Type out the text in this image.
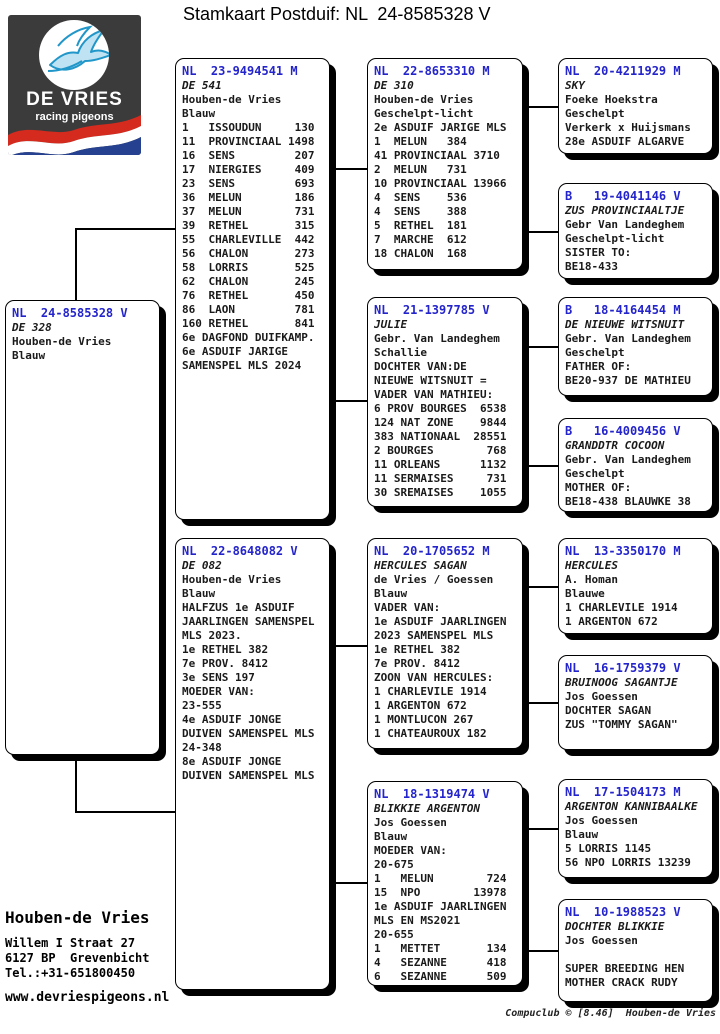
Stamkaart Postduif: NL  24-8585328 V
DE VRIES
racing pigeons
NL  24-8585328 V
DE 328
Houben-de Vries
Blauw
NL  23-9494541 M
DE 541
Houben-de Vries
Blauw
1   ISSOUDUN     130
11  PROVINCIAAL 1498
16  SENS         207
17  NIERGIES     409
23  SENS         693
36  MELUN        186
37  MELUN        731
39  RETHEL       315
55  CHARLEVILLE  442
56  CHALON       273
58  LORRIS       525
62  CHALON       245
76  RETHEL       450
86  LAON         781
160 RETHEL       841
6e DAGFOND DUIFKAMP.
6e ASDUIF JARIGE
SAMENSPEL MLS 2024
NL  22-8648082 V
DE 082
Houben-de Vries
Blauw
HALFZUS 1e ASDUIF
JAARLINGEN SAMENSPEL
MLS 2023.
1e RETHEL 382
7e PROV. 8412
3e SENS 197
MOEDER VAN:
23-555
4e ASDUIF JONGE
DUIVEN SAMENSPEL MLS
24-348
8e ASDUIF JONGE
DUIVEN SAMENSPEL MLS
NL  22-8653310 M
DE 310
Houben-de Vries
Geschelpt-licht
2e ASDUIF JARIGE MLS
1  MELUN   384
41 PROVINCIAAL 3710
2  MELUN   731
10 PROVINCIAAL 13966
4  SENS    536
4  SENS    388
5  RETHEL  181
7  MARCHE  612
18 CHALON  168
NL  21-1397785 V
JULIE
Gebr. Van Landeghem
Schallie
DOCHTER VAN:DE
NIEUWE WITSNUIT =
VADER VAN MATHIEU:
6 PROV BOURGES  6538
124 NAT ZONE    9844
383 NATIONAAL  28551
2 BOURGES        768
11 ORLEANS      1132
11 SERMAISES     731
30 SREMAISES    1055
NL  20-1705652 M
HERCULES SAGAN
de Vries / Goessen
Blauw
VADER VAN:
1e ASDUIF JAARLINGEN
2023 SAMENSPEL MLS
1e RETHEL 382
7e PROV. 8412
ZOON VAN HERCULES:
1 CHARLEVILE 1914
1 ARGENTON 672
1 MONTLUCON 267
1 CHATEAUROUX 182
NL  18-1319474 V
BLIKKIE ARGENTON
Jos Goessen
Blauw
MOEDER VAN:
20-675
1   MELUN        724
15  NPO        13978
1e ASDUIF JAARLINGEN
MLS EN MS2021
20-655
1   METTET       134
4   SEZANNE      418
6   SEZANNE      509
NL  20-4211929 M
SKY
Foeke Hoekstra
Geschelpt
Verkerk x Huijsmans
28e ASDUIF ALGARVE
B   19-4041146 V
ZUS PROVINCIAALTJE
Gebr Van Landeghem
Geschelpt-licht
SISTER TO:
BE18-433
B   18-4164454 M
DE NIEUWE WITSNUIT
Gebr. Van Landeghem
Geschelpt
FATHER OF:
BE20-937 DE MATHIEU
B   16-4009456 V
GRANDDTR COCOON
Gebr. Van Landeghem
Geschelpt
MOTHER OF:
BE18-438 BLAUWKE 38
NL  13-3350170 M
HERCULES
A. Homan
Blauwe
1 CHARLEVILE 1914
1 ARGENTON 672
NL  16-1759379 V
BRUINOOG SAGANTJE
Jos Goessen
DOCHTER SAGAN
ZUS "TOMMY SAGAN"
NL  17-1504173 M
ARGENTON KANNIBAALKE
Jos Goessen
Blauw
5 LORRIS 1145
56 NPO LORRIS 13239
NL  10-1988523 V
DOCHTER BLIKKIE
Jos Goessen
SUPER BREEDING HEN
MOTHER CRACK RUDY
Houben-de Vries
Willem I Straat 27
6127 BP  Grevenbicht
Tel.:+31-651800450
www.devriespigeons.nl
Compuclub © [8.46]  Houben-de Vries
